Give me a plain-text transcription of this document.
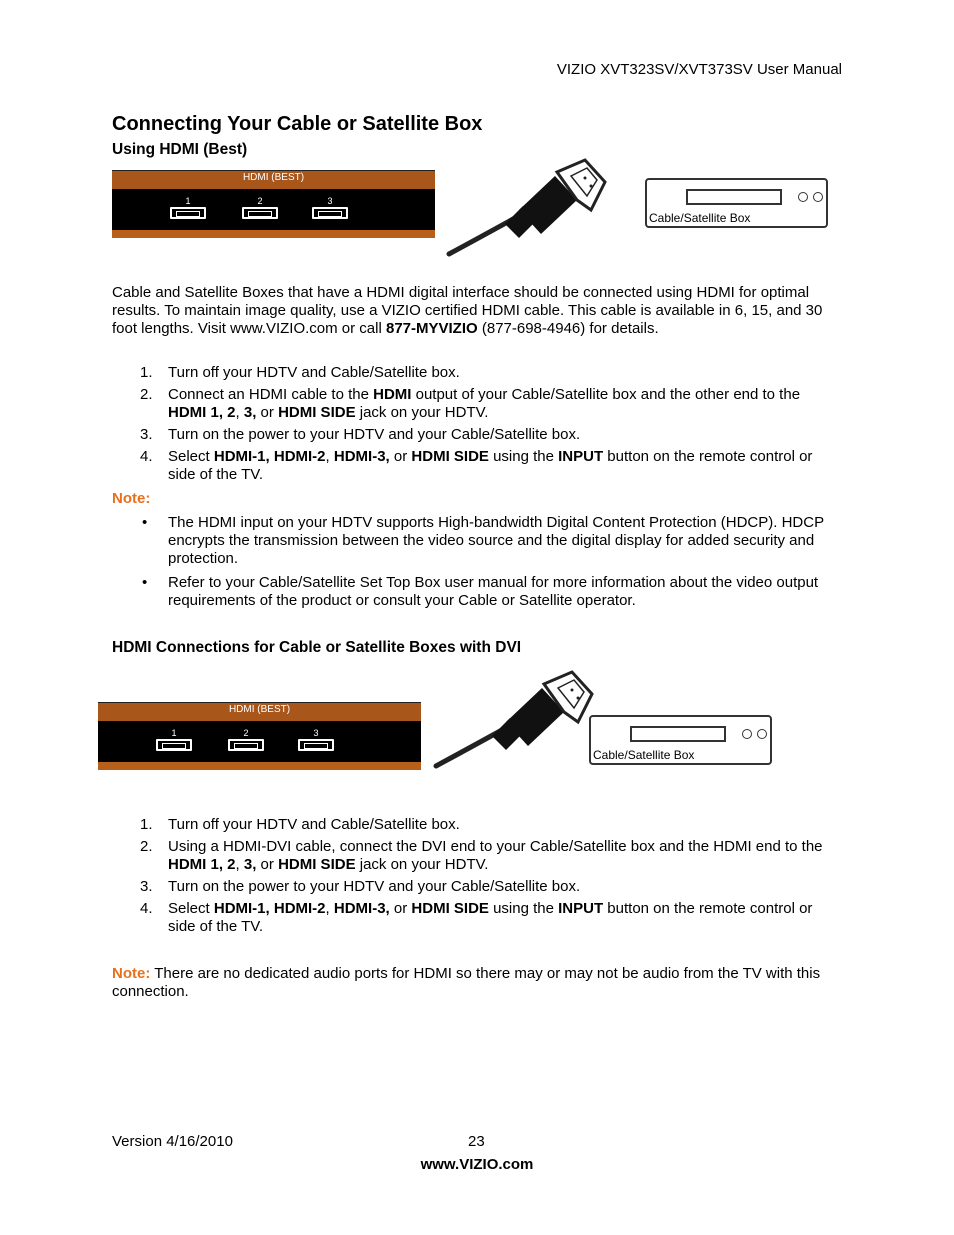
VIZIO XVT323SV/XVT373SV User Manual
Connecting Your Cable or Satellite Box
Using HDMI (Best)
HDMI (BEST)
1	2	3
Cable/Satellite Box

Cable and Satellite Boxes that have a HDMI digital interface should be connected using HDMI for optimal results. To maintain image quality, use a VIZIO certified HDMI cable. This cable is available in 6, 15, and 30 foot lengths. Visit www.VIZIO.com or call 877-MYVIZIO (877-698-4946) for details.

1. Turn off your HDTV and Cable/Satellite box.
2. Connect an HDMI cable to the HDMI output of your Cable/Satellite box and the other end to the HDMI 1, 2, 3, or HDMI SIDE jack on your HDTV.
3. Turn on the power to your HDTV and your Cable/Satellite box.
4. Select HDMI-1, HDMI-2, HDMI-3, or HDMI SIDE using the INPUT button on the remote control or side of the TV.
Note:
• The HDMI input on your HDTV supports High-bandwidth Digital Content Protection (HDCP). HDCP encrypts the transmission between the video source and the digital display for added security and protection.
• Refer to your Cable/Satellite Set Top Box user manual for more information about the video output requirements of the product or consult your Cable or Satellite operator.
HDMI Connections for Cable or Satellite Boxes with DVI
HDMI (BEST)
1	2	3
Cable/Satellite Box
1. Turn off your HDTV and Cable/Satellite box.
2. Using a HDMI-DVI cable, connect the DVI end to your Cable/Satellite box and the HDMI end to the HDMI 1, 2, 3, or HDMI SIDE jack on your HDTV.
3. Turn on the power to your HDTV and your Cable/Satellite box.
4. Select HDMI-1, HDMI-2, HDMI-3, or HDMI SIDE using the INPUT button on the remote control or side of the TV.

Note: There are no dedicated audio ports for HDMI so there may or may not be audio from the TV with this connection.

Version 4/16/2010	23
www.VIZIO.com
